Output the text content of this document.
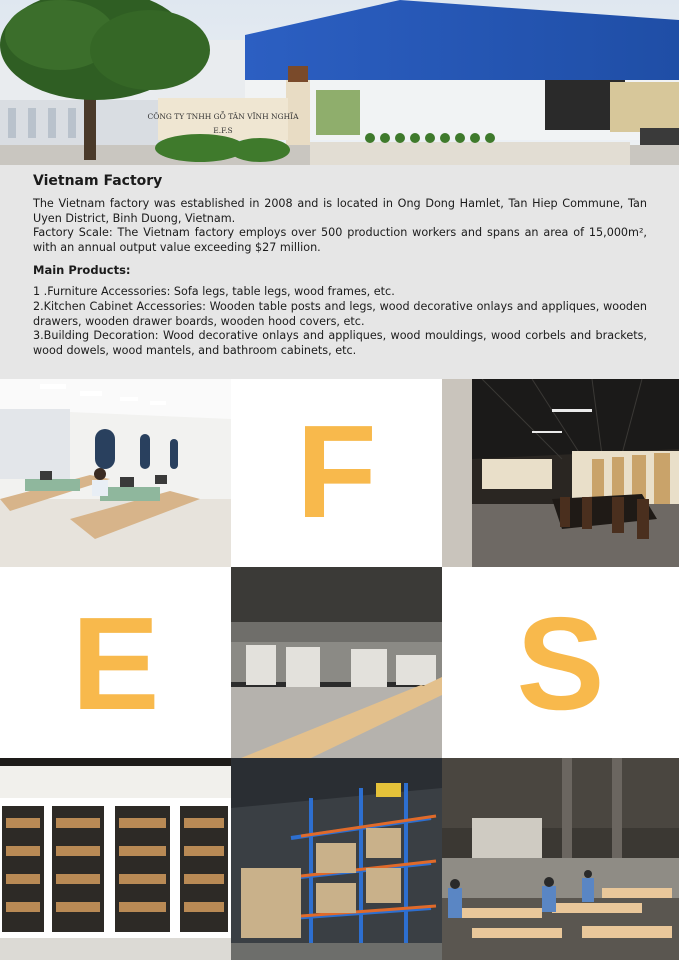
CÔNG TY TNHH GỖ TÂN VĨNH NGHĨA
E.F.S
Vietnam Factory

The Vietnam factory was established in 2008 and is located in Ong Dong Hamlet, Tan Hiep Commune, Tan Uyen District, Binh Duong, Vietnam.

Factory Scale: The Vietnam factory employs over 500 production workers and spans an area of 15,000m², with an annual output value exceeding $27 million.

Main Products:

1 .Furniture Accessories: Sofa legs, table legs, wood frames, etc.

2.Kitchen Cabinet Accessories: Wooden table posts and legs, wood decorative onlays and appliques, wooden drawers, wooden drawer boards, wooden hood covers, etc.

3.Building Decoration: Wood decorative onlays and appliques, wood mouldings, wood corbels and brackets, wood dowels, wood mantels, and bathroom cabinets, etc.

F
E	S
